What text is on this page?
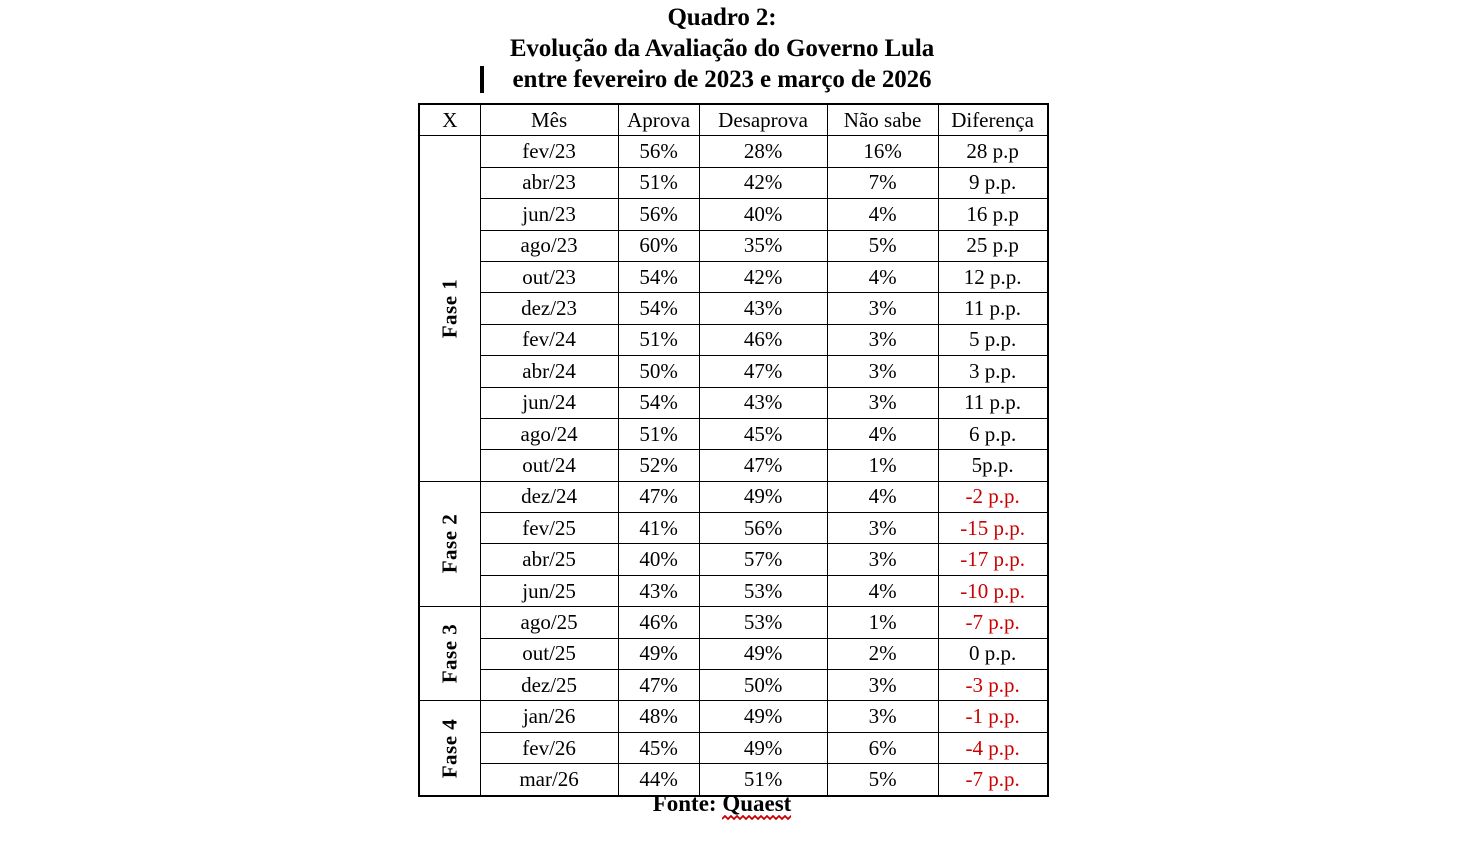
Quadro 2:
Evolução da Avaliação do Governo Lula
entre fevereiro de 2023 e março de 2026
X	Mês	Aprova	Desaprova	Não sabe	Diferença

Fase 1	fev/23	56%	28%	16%	28 p.p
	abr/23	51%	42%	7%	9 p.p.
	jun/23	56%	40%	4%	16 p.p
	ago/23	60%	35%	5%	25 p.p
	out/23	54%	42%	4%	12 p.p.
	dez/23	54%	43%	3%	11 p.p.
	fev/24	51%	46%	3%	5 p.p.
	abr/24	50%	47%	3%	3 p.p.
	jun/24	54%	43%	3%	11 p.p.
	ago/24	51%	45%	4%	6 p.p.
	out/24	52%	47%	1%	5p.p.

Fase 2	dez/24	47%	49%	4%	-2 p.p.
	fev/25	41%	56%	3%	-15 p.p.
	abr/25	40%	57%	3%	-17 p.p.
	jun/25	43%	53%	4%	-10 p.p.

Fase 3	ago/25	46%	53%	1%	-7 p.p.
	out/25	49%	49%	2%	0 p.p.
	dez/25	47%	50%	3%	-3 p.p.

Fase 4	jan/26	48%	49%	3%	-1 p.p.
	fev/26	45%	49%	6%	-4 p.p.
	mar/26	44%	51%	5%	-7 p.p.
Fonte: Quaest
